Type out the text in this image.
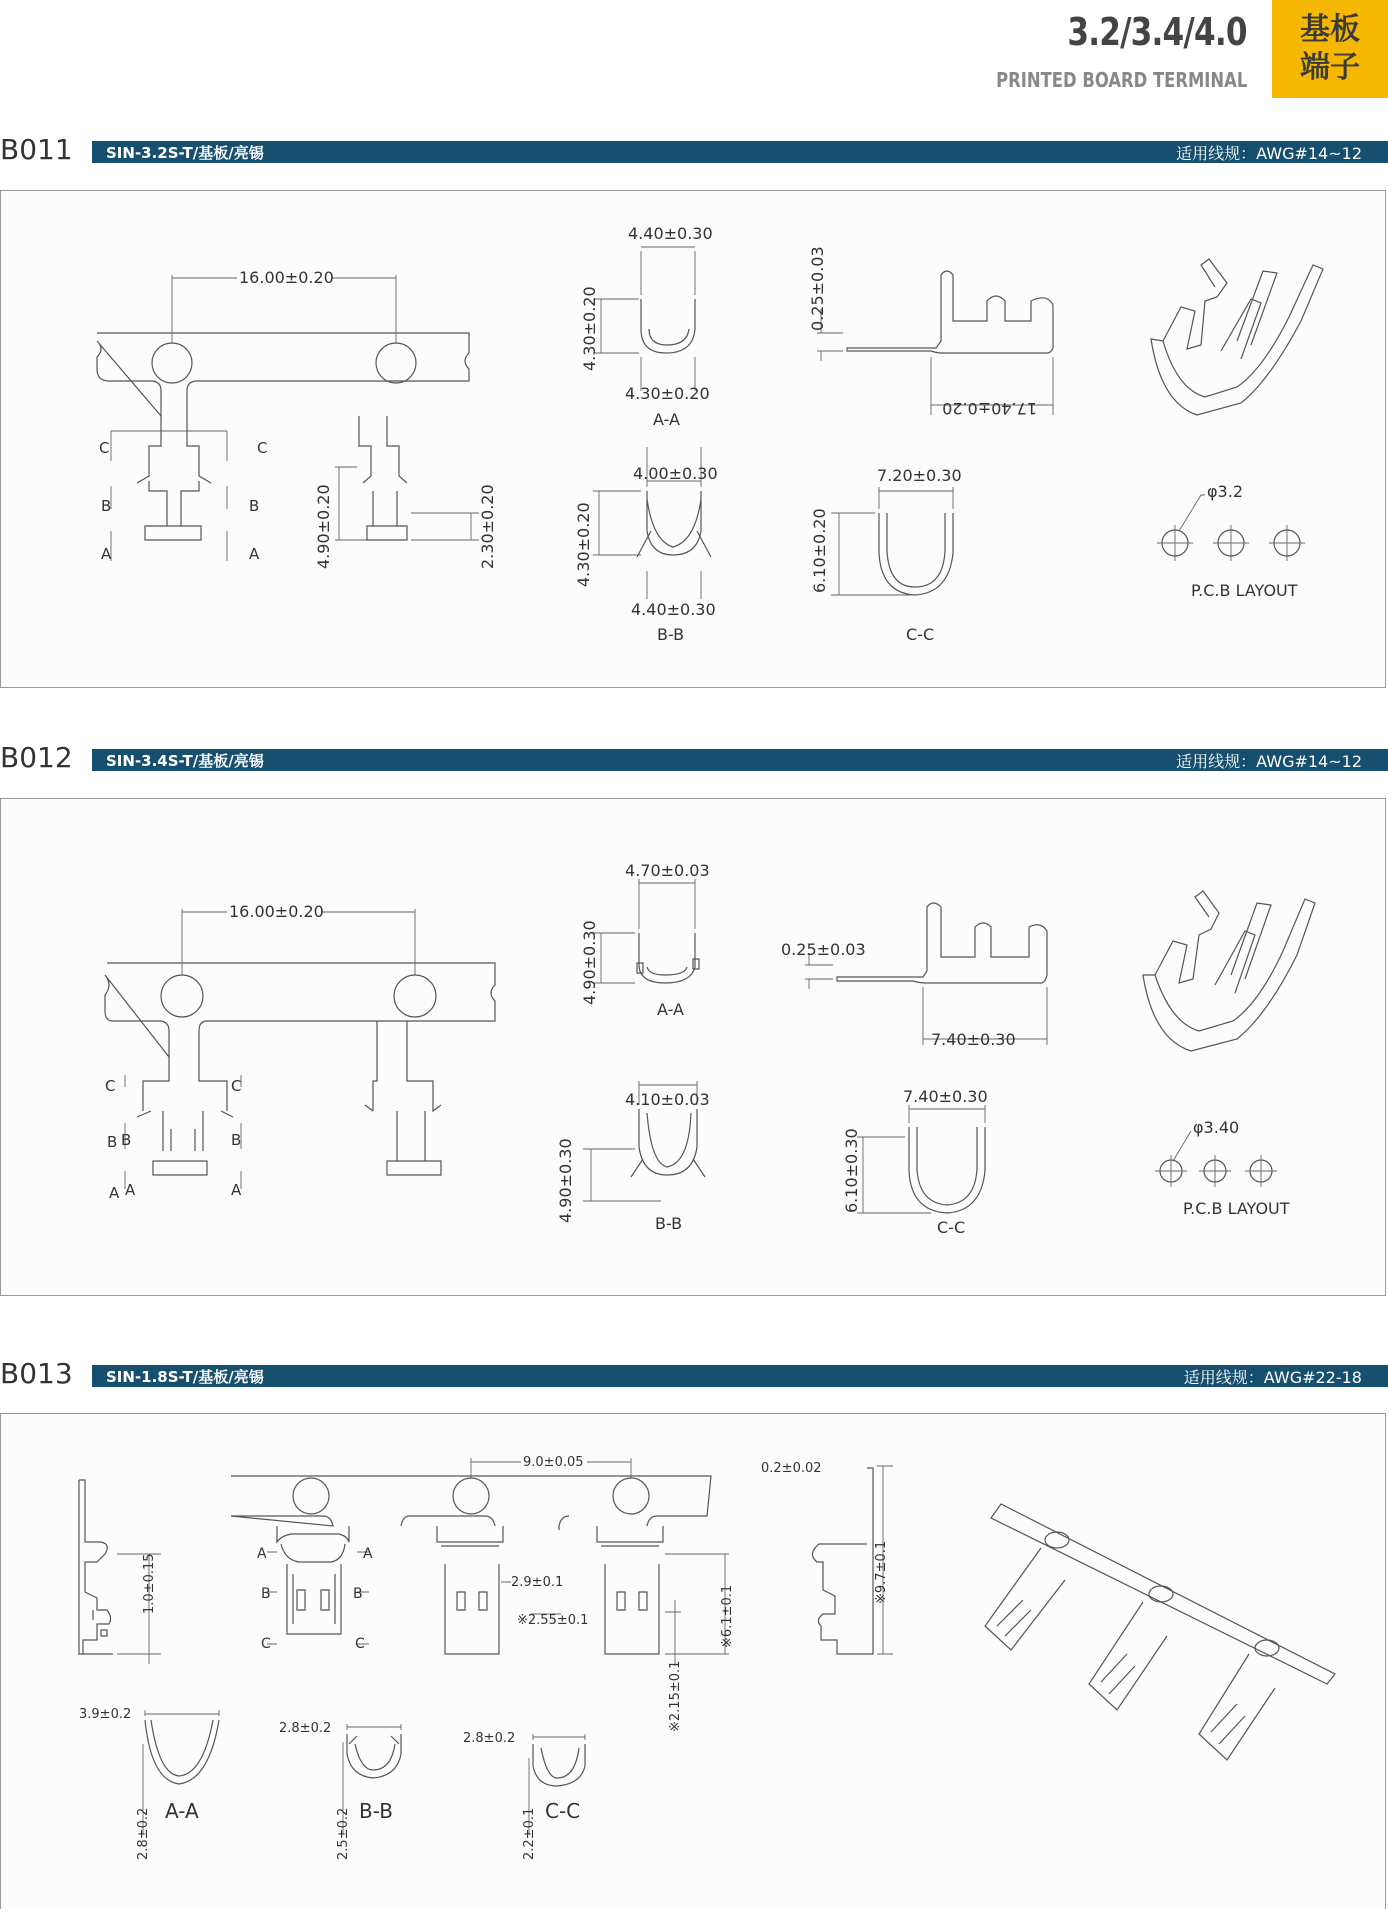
3.2/3.4/4.0
PRINTED BOARD TERMINAL
基板
端子
B011 SIN-3.2S-T/基板/亮锡	适用线规：AWG#14~12
C	C
B	B
A	A
16.00±0.20
4.90±0.20	2.30±0.20
4.40±0.30
4.30±0.20
4.30±0.20
A-A
0.25±0.03
17.40±0.20
4.00±0.30
4.30±0.20
4.40±0.30
B-B
7.20±0.30
6.10±0.20
C-C
φ3.2
P.C.B LAYOUT
B012 SIN-3.4S-T/基板/亮锡	适用线规：AWG#14~12
C	C
B B	B
A A	A
16.00±0.20
4.70±0.03
4.90±0.30
A-A
0.25±0.03
7.40±0.30
4.10±0.03
4.90±0.30
B-B
7.40±0.30
6.10±0.30
C-C
φ3.40
P.C.B LAYOUT
B013 SIN-1.8S-T/基板/亮锡	适用线规：AWG#22-18
1.0±0.15
9.0±0.05
2.9±0.1
※2.55±0.1	※6.1±0.1
※2.15±0.1
A	A
B	B
C	C
0.2±0.02
※9.7±0.1
3.9±0.2
2.8±0.2 A-A
2.8±0.2
2.5±0.2 B-B
2.8±0.2
2.2±0.1 C-C
